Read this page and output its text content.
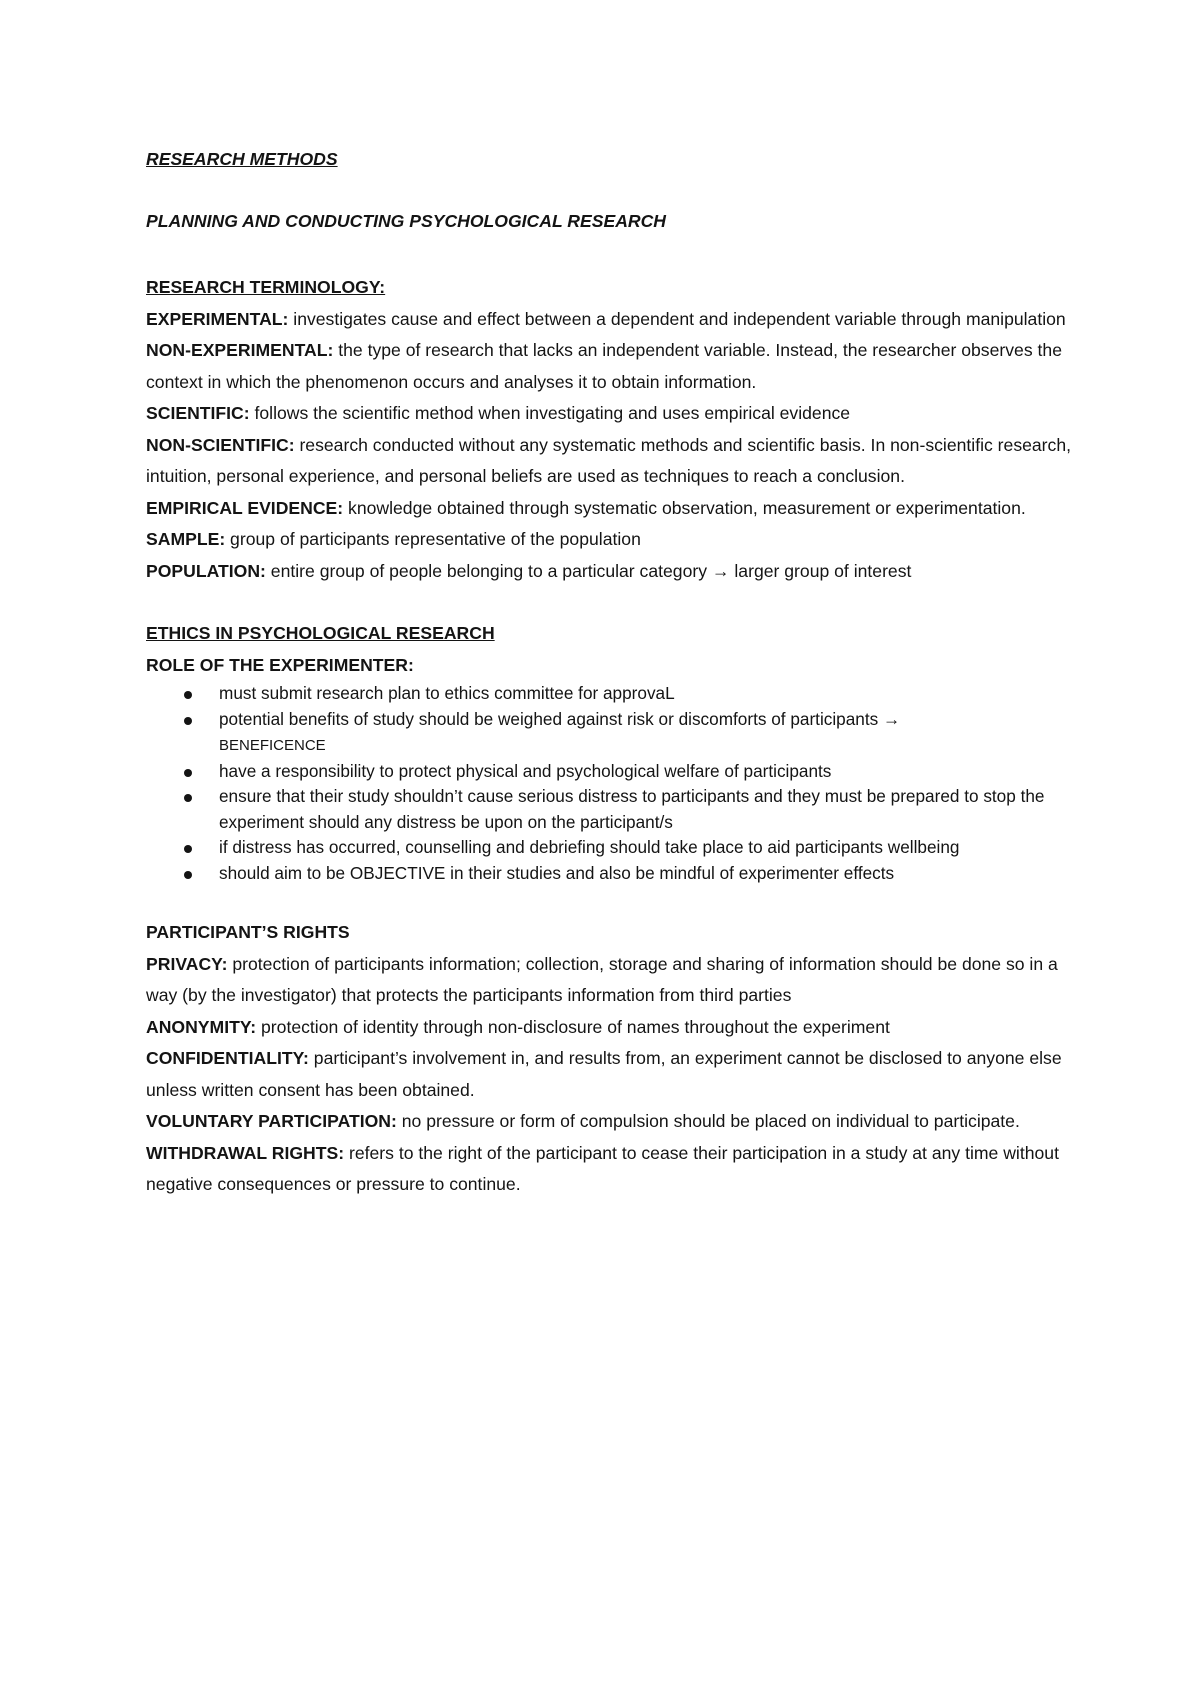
RESEARCH METHODS

PLANNING AND CONDUCTING PSYCHOLOGICAL RESEARCH

RESEARCH TERMINOLOGY:

EXPERIMENTAL: investigates cause and effect between a dependent and independent variable through manipulation

NON-EXPERIMENTAL: the type of research that lacks an independent variable. Instead, the researcher observes the context in which the phenomenon occurs and analyses it to obtain information.

SCIENTIFIC: follows the scientific method when investigating and uses empirical evidence

NON-SCIENTIFIC: research conducted without any systematic methods and scientific basis. In non-scientific research, intuition, personal experience, and personal beliefs are used as techniques to reach a conclusion.

EMPIRICAL EVIDENCE: knowledge obtained through systematic observation, measurement or experimentation.

SAMPLE: group of participants representative of the population

POPULATION: entire group of people belonging to a particular category → larger group of interest

ETHICS IN PSYCHOLOGICAL RESEARCH

ROLE OF THE EXPERIMENTER:

must submit research plan to ethics committee for approvaL
potential benefits of study should be weighed against risk or discomforts of participants →
BENEFICENCE
have a responsibility to protect physical and psychological welfare of participants
ensure that their study shouldn’t cause serious distress to participants and they must be prepared to stop the experiment should any distress be upon on the participant/s
if distress has occurred, counselling and debriefing should take place to aid participants wellbeing
should aim to be OBJECTIVE in their studies and also be mindful of experimenter effects

PARTICIPANT’S RIGHTS

PRIVACY: protection of participants information; collection, storage and sharing of information should be done so in a way (by the investigator) that protects the participants information from third parties

ANONYMITY: protection of identity through non-disclosure of names throughout the experiment

CONFIDENTIALITY: participant’s involvement in, and results from, an experiment cannot be disclosed to anyone else unless written consent has been obtained.

VOLUNTARY PARTICIPATION: no pressure or form of compulsion should be placed on individual to participate.

WITHDRAWAL RIGHTS: refers to the right of the participant to cease their participation in a study at any time without negative consequences or pressure to continue.
